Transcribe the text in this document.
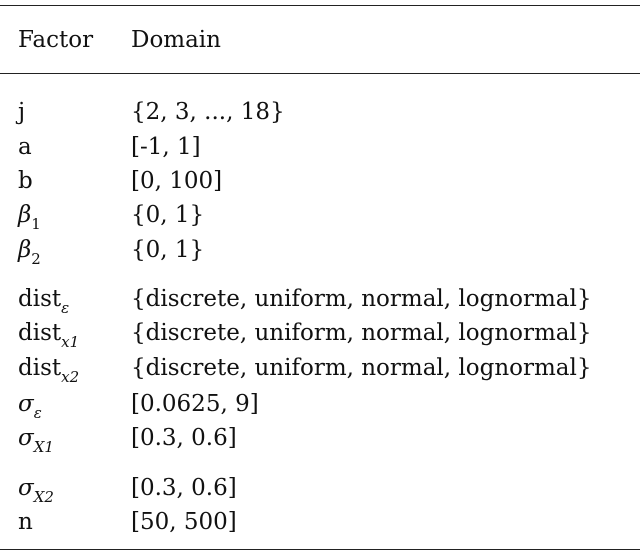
Factor Domain
j	{2, 3, ..., 18}
a	[-1, 1]
b	[0, 100]
$\beta_1$	{0, 1}
$\beta_2$	{0, 1}
dist$_\varepsilon$	{discrete, uniform, normal, lognormal}
dist$_{x1}$ {discrete, uniform, normal, lognormal}
dist$_{x2}$ {discrete, uniform, normal, lognormal}
$\sigma_\varepsilon$	[0.0625, 9]
$\sigma_{X1}$	[0.3, 0.6]
$\sigma_{X2}$	[0.3, 0.6]
n	[50, 500]
